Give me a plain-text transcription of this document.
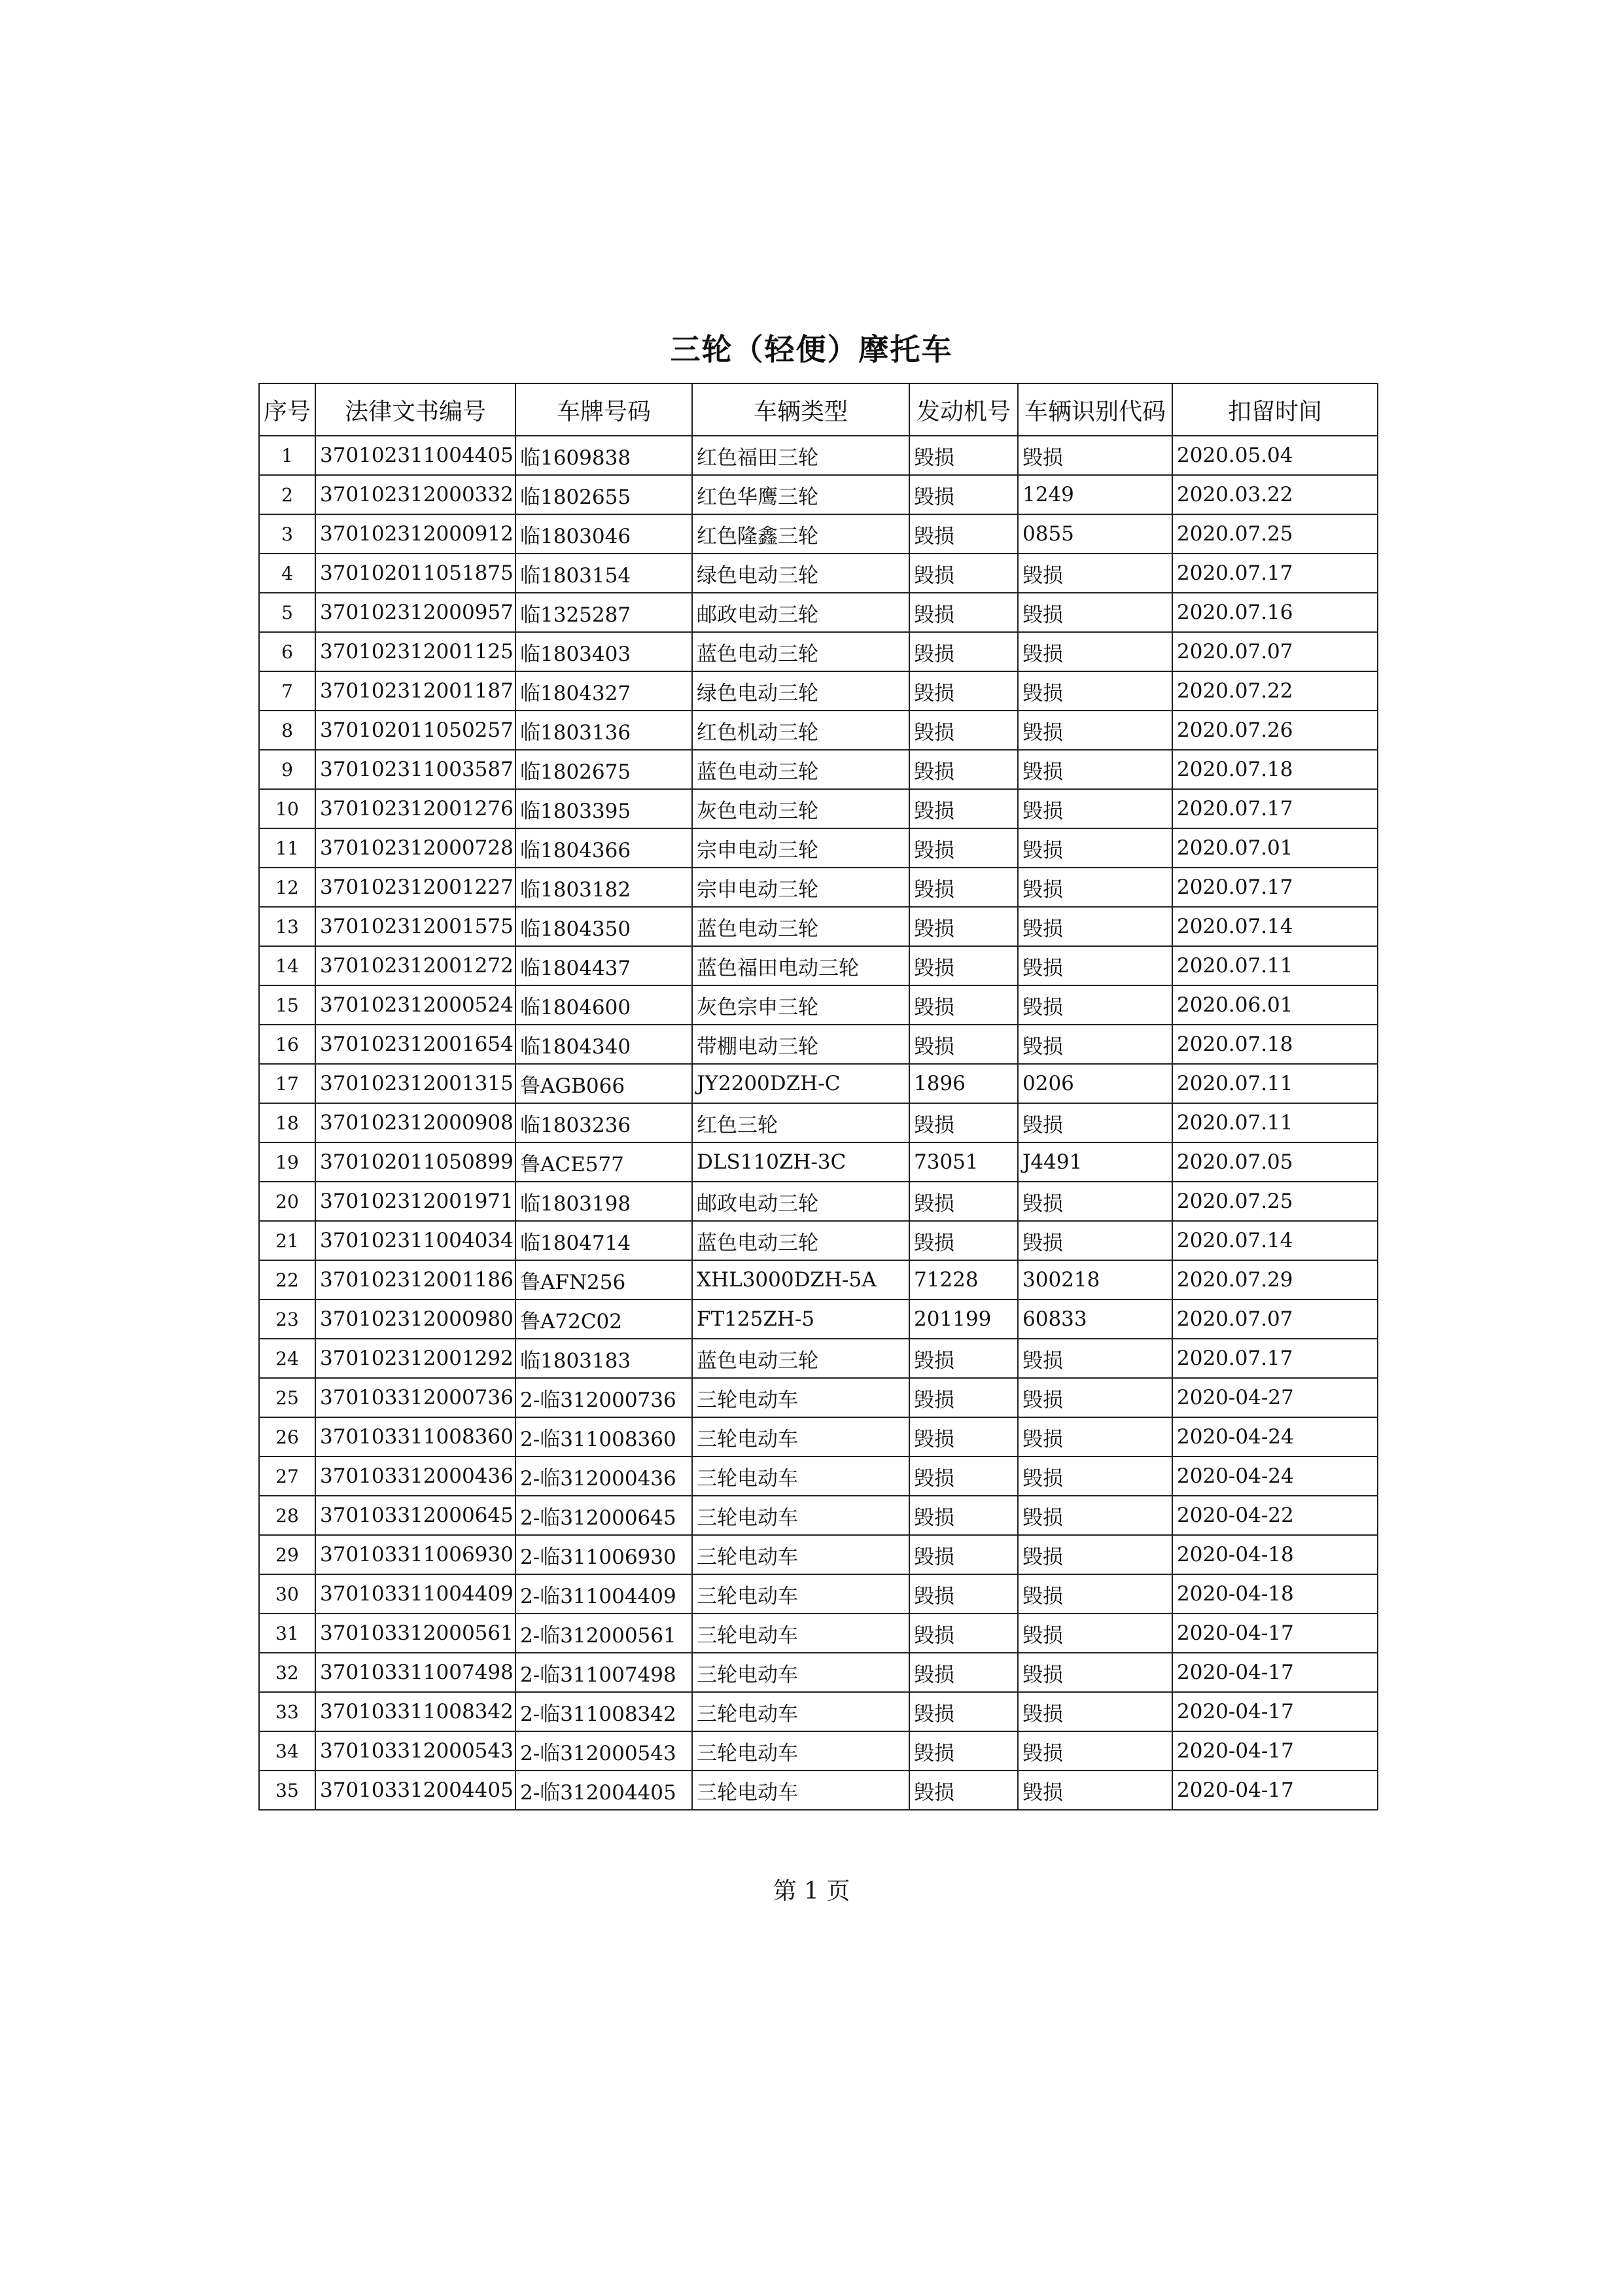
三轮（轻便）摩托车
序号	法律文书编号	车牌号码	车辆类型	发动机号	车辆识别代码	扣留时间
1	370102311004405	临1609838	红色福田三轮	毁损	毁损	2020.05.04
2	370102312000332	临1802655	红色华鹰三轮	毁损	1249	2020.03.22
3	370102312000912	临1803046	红色隆鑫三轮	毁损	0855	2020.07.25
4	370102011051875	临1803154	绿色电动三轮	毁损	毁损	2020.07.17
5	370102312000957	临1325287	邮政电动三轮	毁损	毁损	2020.07.16
6	370102312001125	临1803403	蓝色电动三轮	毁损	毁损	2020.07.07
7	370102312001187	临1804327	绿色电动三轮	毁损	毁损	2020.07.22
8	370102011050257	临1803136	红色机动三轮	毁损	毁损	2020.07.26
9	370102311003587	临1802675	蓝色电动三轮	毁损	毁损	2020.07.18
10	370102312001276	临1803395	灰色电动三轮	毁损	毁损	2020.07.17
11	370102312000728	临1804366	宗申电动三轮	毁损	毁损	2020.07.01
12	370102312001227	临1803182	宗申电动三轮	毁损	毁损	2020.07.17
13	370102312001575	临1804350	蓝色电动三轮	毁损	毁损	2020.07.14
14	370102312001272	临1804437	蓝色福田电动三轮	毁损	毁损	2020.07.11
15	370102312000524	临1804600	灰色宗申三轮	毁损	毁损	2020.06.01
16	370102312001654	临1804340	带棚电动三轮	毁损	毁损	2020.07.18
17	370102312001315	鲁AGB066	JY2200DZH-C	1896	0206	2020.07.11
18	370102312000908	临1803236	红色三轮	毁损	毁损	2020.07.11
19	370102011050899	鲁ACE577	DLS110ZH-3C	73051	J4491	2020.07.05
20	370102312001971	临1803198	邮政电动三轮	毁损	毁损	2020.07.25
21	370102311004034	临1804714	蓝色电动三轮	毁损	毁损	2020.07.14
22	370102312001186	鲁AFN256	XHL3000DZH-5A	71228	300218	2020.07.29
23	370102312000980	鲁A72C02	FT125ZH-5	201199	60833	2020.07.07
24	370102312001292	临1803183	蓝色电动三轮	毁损	毁损	2020.07.17
25	370103312000736	2-临312000736	三轮电动车	毁损	毁损	2020-04-27
26	370103311008360	2-临311008360	三轮电动车	毁损	毁损	2020-04-24
27	370103312000436	2-临312000436	三轮电动车	毁损	毁损	2020-04-24
28	370103312000645	2-临312000645	三轮电动车	毁损	毁损	2020-04-22
29	370103311006930	2-临311006930	三轮电动车	毁损	毁损	2020-04-18
30	370103311004409	2-临311004409	三轮电动车	毁损	毁损	2020-04-18
31	370103312000561	2-临312000561	三轮电动车	毁损	毁损	2020-04-17
32	370103311007498	2-临311007498	三轮电动车	毁损	毁损	2020-04-17
33	370103311008342	2-临311008342	三轮电动车	毁损	毁损	2020-04-17
34	370103312000543	2-临312000543	三轮电动车	毁损	毁损	2020-04-17
35	370103312004405	2-临312004405	三轮电动车	毁损	毁损	2020-04-17
第 1 页
